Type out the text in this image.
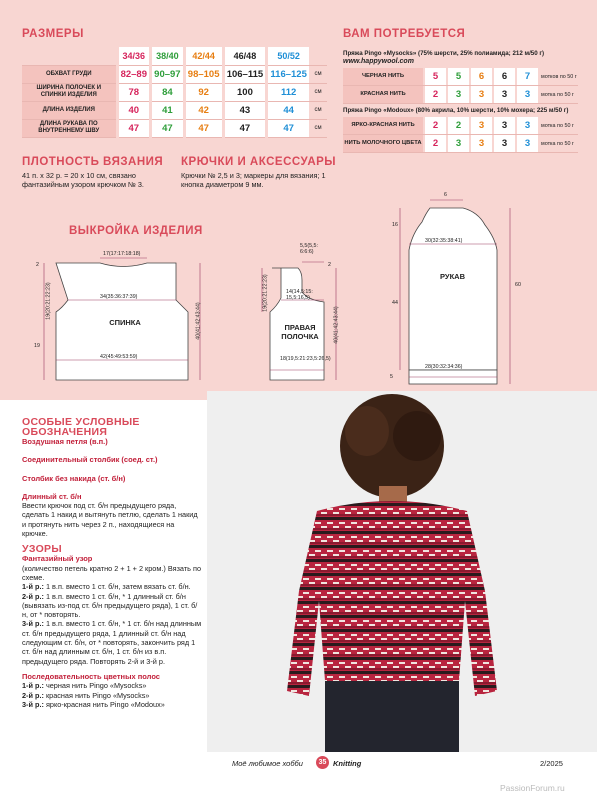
РАЗМЕРЫ
	34/36	38/40	42/44	46/48	50/52	
ОБХВАТ ГРУДИ	82–89	90–97	98–105	106–115	116–125	см
ШИРИНА ПОЛОЧЕК И СПИНКИ ИЗДЕЛИЯ	78	84	92	100	112	см
ДЛИНА ИЗДЕЛИЯ	40	41	42	43	44	см
ДЛИНА РУКАВА ПО ВНУТРЕННЕМУ ШВУ	47	47	47	47	47	см
ВАМ ПОТРЕБУЕТСЯ
Пряжа Pingo «Mysocks» (75% шерсти, 25% полиамида; 212 м/50 г)
www.happywool.com
ЧЕРНАЯ НИТЬ	5	5	6	6	7	мотков по 50 г
КРАСНАЯ НИТЬ	2	3	3	3	3	мотка по 50 г
Пряжа Pingo «Modoux» (80% акрила, 10% шерсти, 10% мохера; 225 м/50 г)
ЯРКО-КРАСНАЯ НИТЬ	2	2	3	3	3	мотка по 50 г
НИТЬ МОЛОЧНОГО ЦВЕТА	2	3	3	3	3	мотка по 50 г
ПЛОТНОСТЬ ВЯЗАНИЯ
41 п. х 32 р. = 20 х 10 см, связано фантазийным узором крючком № 3.
КРЮЧКИ И АКСЕССУАРЫ
Крючки № 2,5 и 3; маркеры для вязания; 1 кнопка диаметром 9 мм.
ВЫКРОЙКА ИЗДЕЛИЯ
СПИНКА
ПРАВАЯ ПОЛОЧКА
РУКАВ
17(17:17:18:18)
34(35:36:37:39)
42(45:49:53:59)
19(20:21:22:23)
19
40(41:42:43:44)
2
5,5(5,5: 6:6:6)
14(14,5:15: 15,5:16,5)
18(19,5:21:23,5:26,5)
19(20:21:22:23)
40(41:42:43:44)
2
6
16
30(32:35:38:41)
44
28(30:32:34:36)
60
5
ОСОБЫЕ УСЛОВНЫЕ ОБОЗНАЧЕНИЯ
Воздушная петля (в.п.)
Соединительный столбик (соед. ст.)
Столбик без накида (ст. б/н)
Длинный ст. б/н
Ввести крючок под ст. б/н предыдущего ряда, сделать 1 накид и вытянуть петлю, сделать 1 накид и протянуть нить через 2 п., находящиеся на крючке.
УЗОРЫ
Фантазийный узор
(количество петель кратно 2 + 1 + 2 кром.) Вязать по схеме.
1-й р.: 1 в.п. вместо 1 ст. б/н, затем вязать ст. б/н.
2-й р.: 1 в.п. вместо 1 ст. б/н, * 1 длинный ст. б/н (вывязать из-под ст. б/н предыдущего ряда), 1 ст. б/н, от * повторять.
3-й р.: 1 в.п. вместо 1 ст. б/н, * 1 ст. б/н над длинным ст. б/н предыдущего ряда, 1 длинный ст. б/н над следующим ст. б/н, от * повторять, закончить ряд 1 ст. б/н над длинным ст. б/н, 1 ст. б/н из в.п. предыдущего ряда. Повторять 2-й и 3-й р.
Последовательность цветных полос
1-й р.: черная нить Pingo «Mysocks»
2-й р.: красная нить Pingo «Mysocks»
3-й р.: ярко-красная нить Pingo «Modoux»
Моё любимое хобби	35 Knitting	2/2025
PassionForum.ru
